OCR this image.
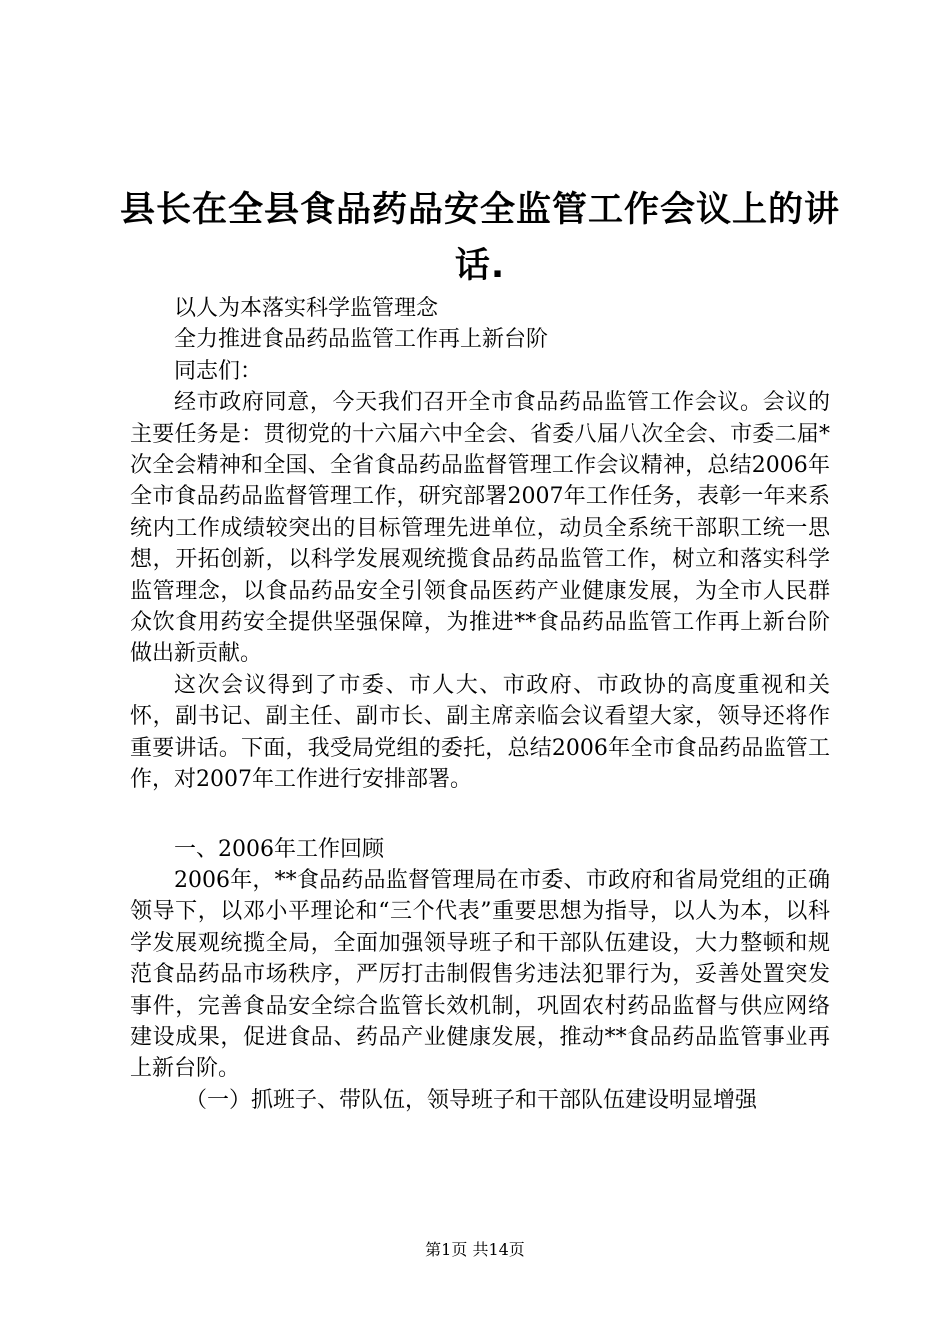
县长在全县食品药品安全监管工作会议上的讲话.

以人为本落实科学监管理念

全力推进食品药品监管工作再上新台阶

同志们：

经市政府同意，今天我们召开全市食品药品监管工作会议。会议的主要任务是：贯彻党的十六届六中全会、省委八届八次全会、市委二届*次全会精神和全国、全省食品药品监督管理工作会议精神，总结2006年全市食品药品监督管理工作，研究部署2007年工作任务，表彰一年来系统内工作成绩较突出的目标管理先进单位，动员全系统干部职工统一思想，开拓创新，以科学发展观统揽食品药品监管工作，树立和落实科学监管理念，以食品药品安全引领食品医药产业健康发展，为全市人民群众饮食用药安全提供坚强保障，为推进**食品药品监管工作再上新台阶做出新贡献。

这次会议得到了市委、市人大、市政府、市政协的高度重视和关怀，副书记、副主任、副市长、副主席亲临会议看望大家，领导还将作重要讲话。下面，我受局党组的委托，总结2006年全市食品药品监管工作，对2007年工作进行安排部署。

一、2006年工作回顾

2006年，**食品药品监督管理局在市委、市政府和省局党组的正确领导下，以邓小平理论和“三个代表”重要思想为指导，以人为本，以科学发展观统揽全局，全面加强领导班子和干部队伍建设，大力整顿和规范食品药品市场秩序，严厉打击制假售劣违法犯罪行为，妥善处置突发事件，完善食品安全综合监管长效机制，巩固农村药品监督与供应网络建设成果，促进食品、药品产业健康发展，推动**食品药品监管事业再上新台阶。

（一）抓班子、带队伍，领导班子和干部队伍建设明显增强

第1页 共14页
